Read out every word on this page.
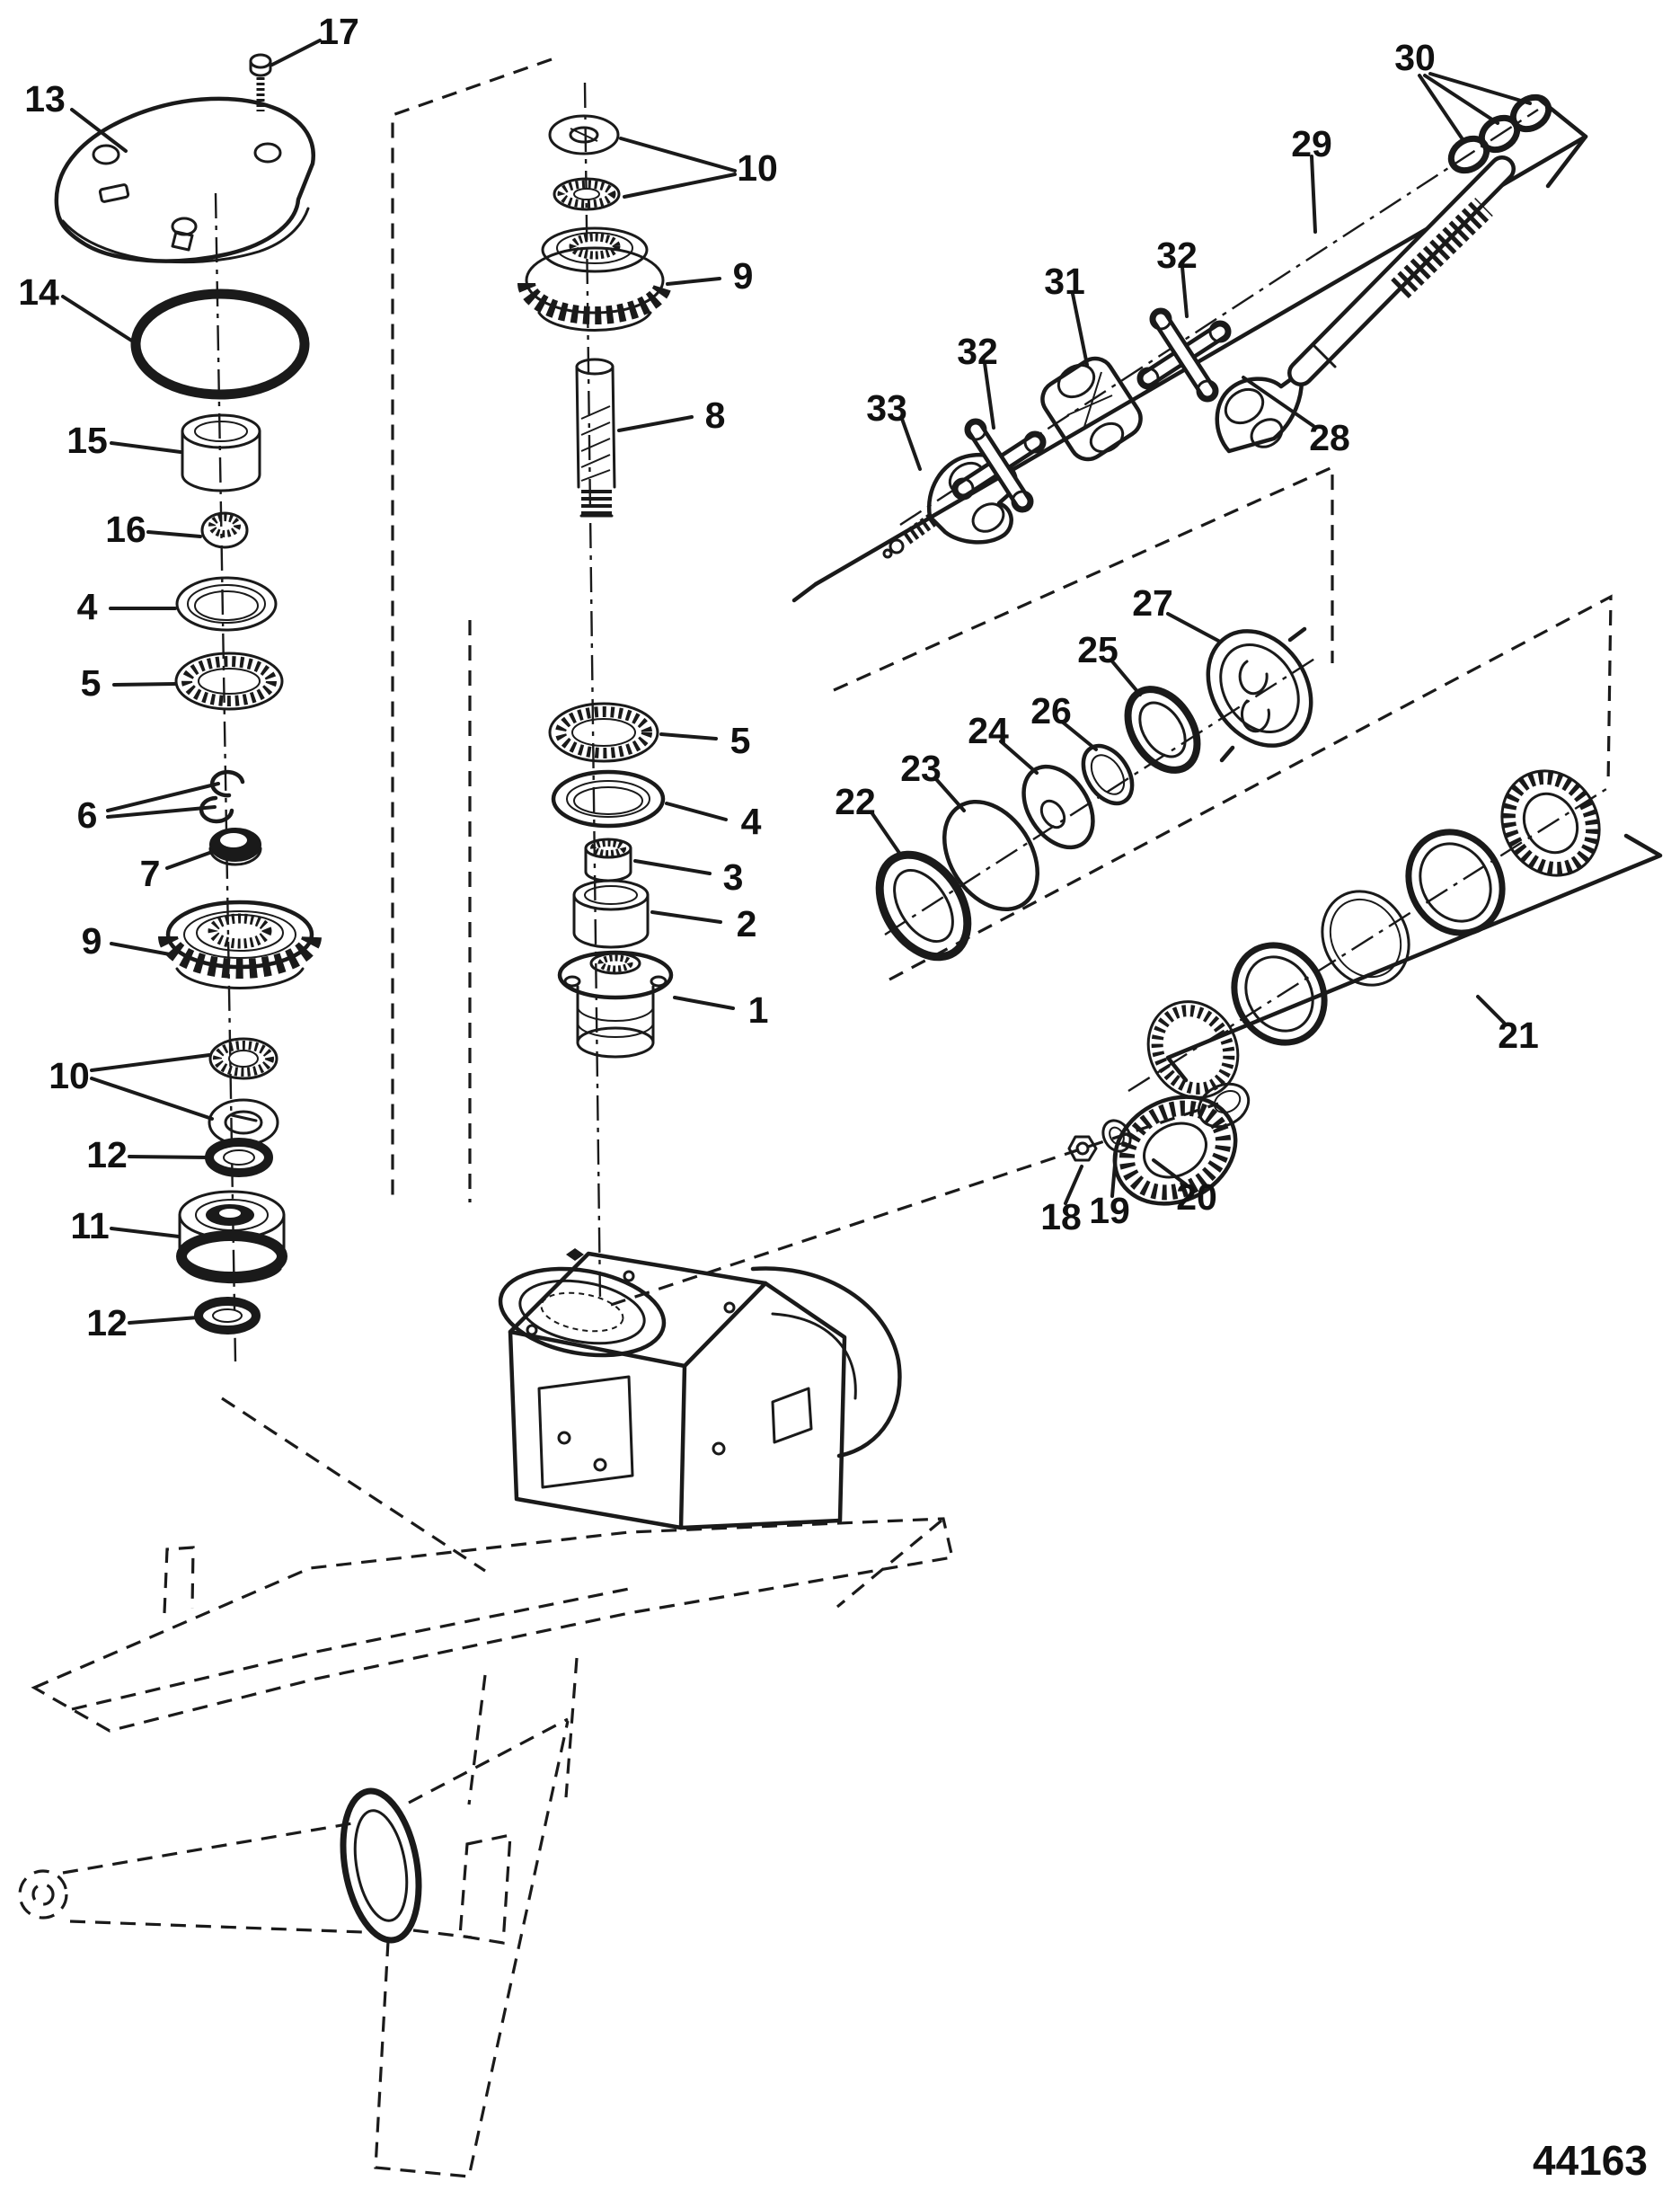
13
17
14
15
16
4
5
6
7
9
10
12
11
12
10
9
8
5
4
3
2
1
33
32
31
32
29
30
28
22
23
24 26
25
27
21
20
19
18
44163
